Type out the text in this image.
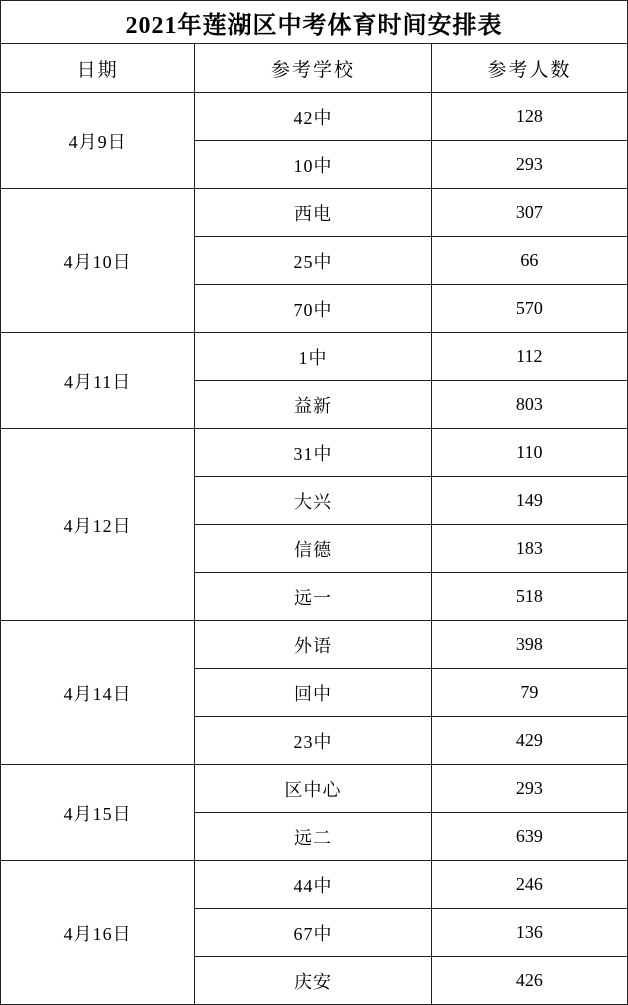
2021年莲湖区中考体育时间安排表		
日期	参考学校	参考人数
4月9日	42中	128
	10中	293
4月10日	西电	307
	25中	66
	70中	570
4月11日	1中	112
	益新	803
4月12日	31中	110
	大兴	149
	信德	183
	远一	518
4月14日	外语	398
	回中	79
	23中	429
4月15日	区中心	293
	远二	639
4月16日	44中	246
	67中	136
	庆安	426
